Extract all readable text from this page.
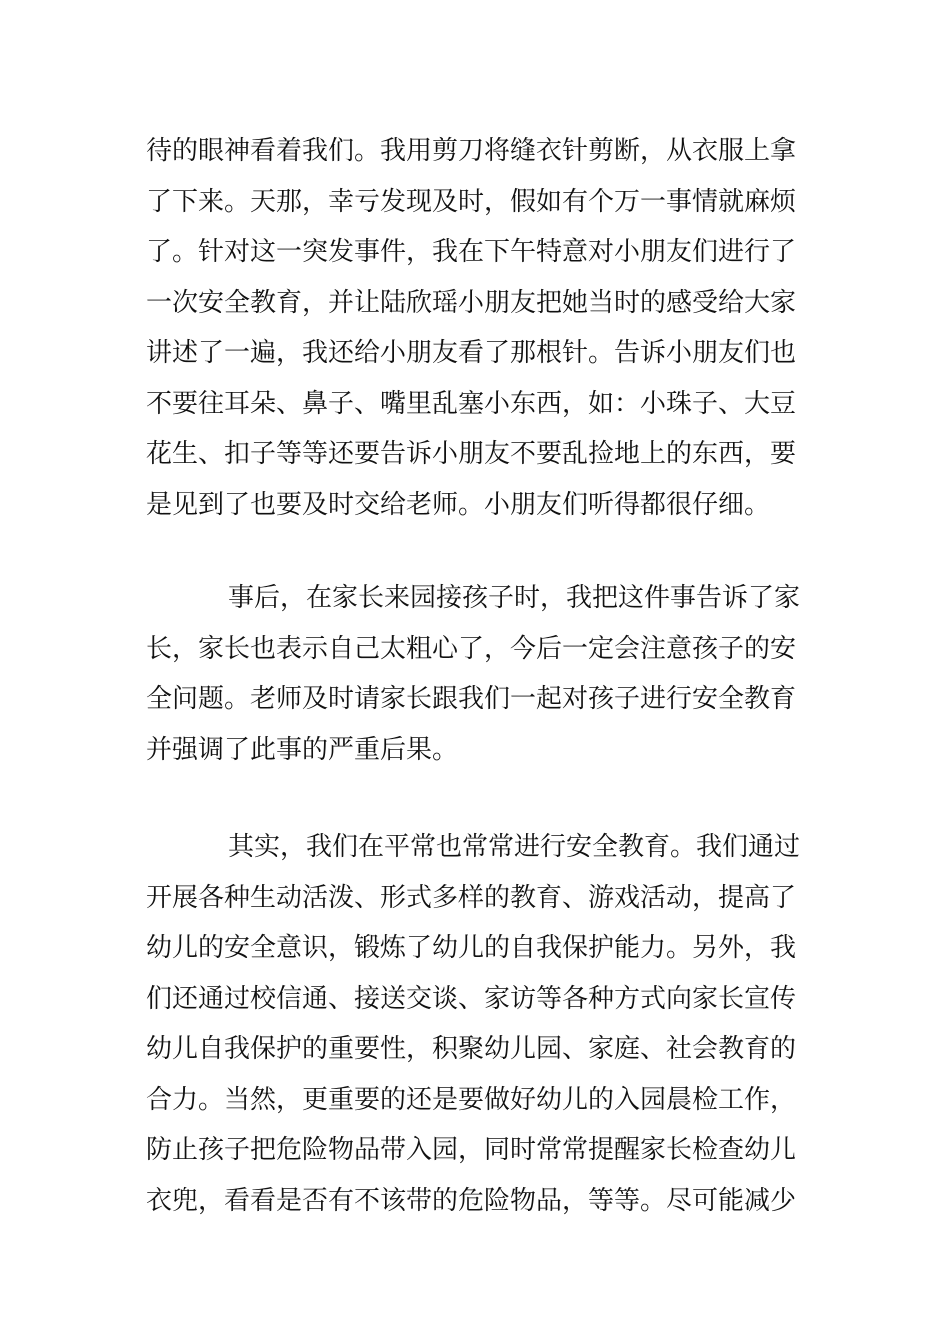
待的眼神看着我们。我用剪刀将缝衣针剪断，从衣服上拿
了下来。天那，幸亏发现及时，假如有个万一事情就麻烦
了。针对这一突发事件，我在下午特意对小朋友们进行了
一次安全教育，并让陆欣瑶小朋友把她当时的感受给大家
讲述了一遍，我还给小朋友看了那根针。告诉小朋友们也
不要往耳朵、鼻子、嘴里乱塞小东西，如：小珠子、大豆
花生、扣子等等还要告诉小朋友不要乱捡地上的东西，要
是见到了也要及时交给老师。小朋友们听得都很仔细。
事后，在家长来园接孩子时，我把这件事告诉了家
长，家长也表示自己太粗心了，今后一定会注意孩子的安
全问题。老师及时请家长跟我们一起对孩子进行安全教育
并强调了此事的严重后果。
其实，我们在平常也常常进行安全教育。我们通过
开展各种生动活泼、形式多样的教育、游戏活动，提高了
幼儿的安全意识，锻炼了幼儿的自我保护能力。另外，我
们还通过校信通、接送交谈、家访等各种方式向家长宣传
幼儿自我保护的重要性，积聚幼儿园、家庭、社会教育的
合力。当然，更重要的还是要做好幼儿的入园晨检工作，
防止孩子把危险物品带入园，同时常常提醒家长检查幼儿
衣兜，看看是否有不该带的危险物品，等等。尽可能减少
